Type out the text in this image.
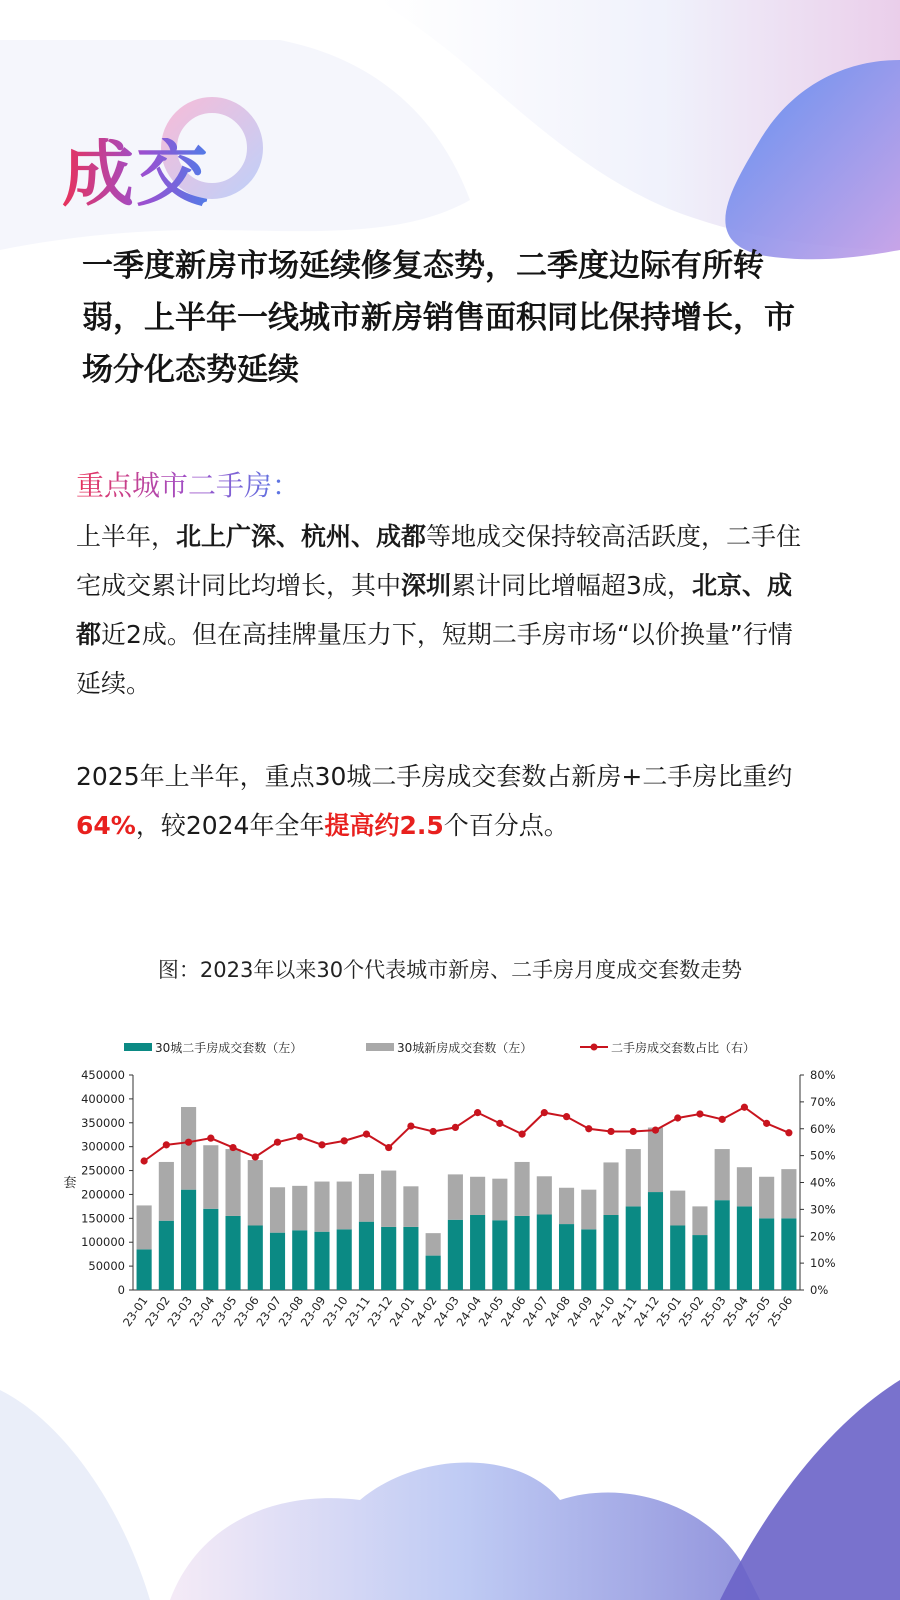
成交
一季度新房市场延续修复态势，二季度边际有所转弱，上半年一线城市新房销售面积同比保持增长，市场分化态势延续
重点城市二手房：
上半年，北上广深、杭州、成都等地成交保持较高活跃度，二手住宅成交累计同比均增长，其中深圳累计同比增幅超3成，北京、成都近2成。但在高挂牌量压力下，短期二手房市场“以价换量”行情延续。
2025年上半年，重点30城二手房成交套数占新房+二手房比重约64%，较2024年全年提高约2.5个百分点。
图：2023年以来30个代表城市新房、二手房月度成交套数走势
30城二手房成交套数（左）	30城新房成交套数（左）	二手房成交套数占比（右）
450000
400000
350000
300000
250000
200000
150000
100000
50000
0
80%
70%
60%
50%
40%
30%
20%
10%
0%
套
23-01
23-02
23-03
23-04
23-05
23-06
23-07
23-08
23-09
23-10
23-11
23-12
24-01
24-02
24-03
24-04
24-05
24-06
24-07
24-08
24-09
24-10
24-11
24-12
25-01
25-02
25-03
25-04
25-05
25-06
